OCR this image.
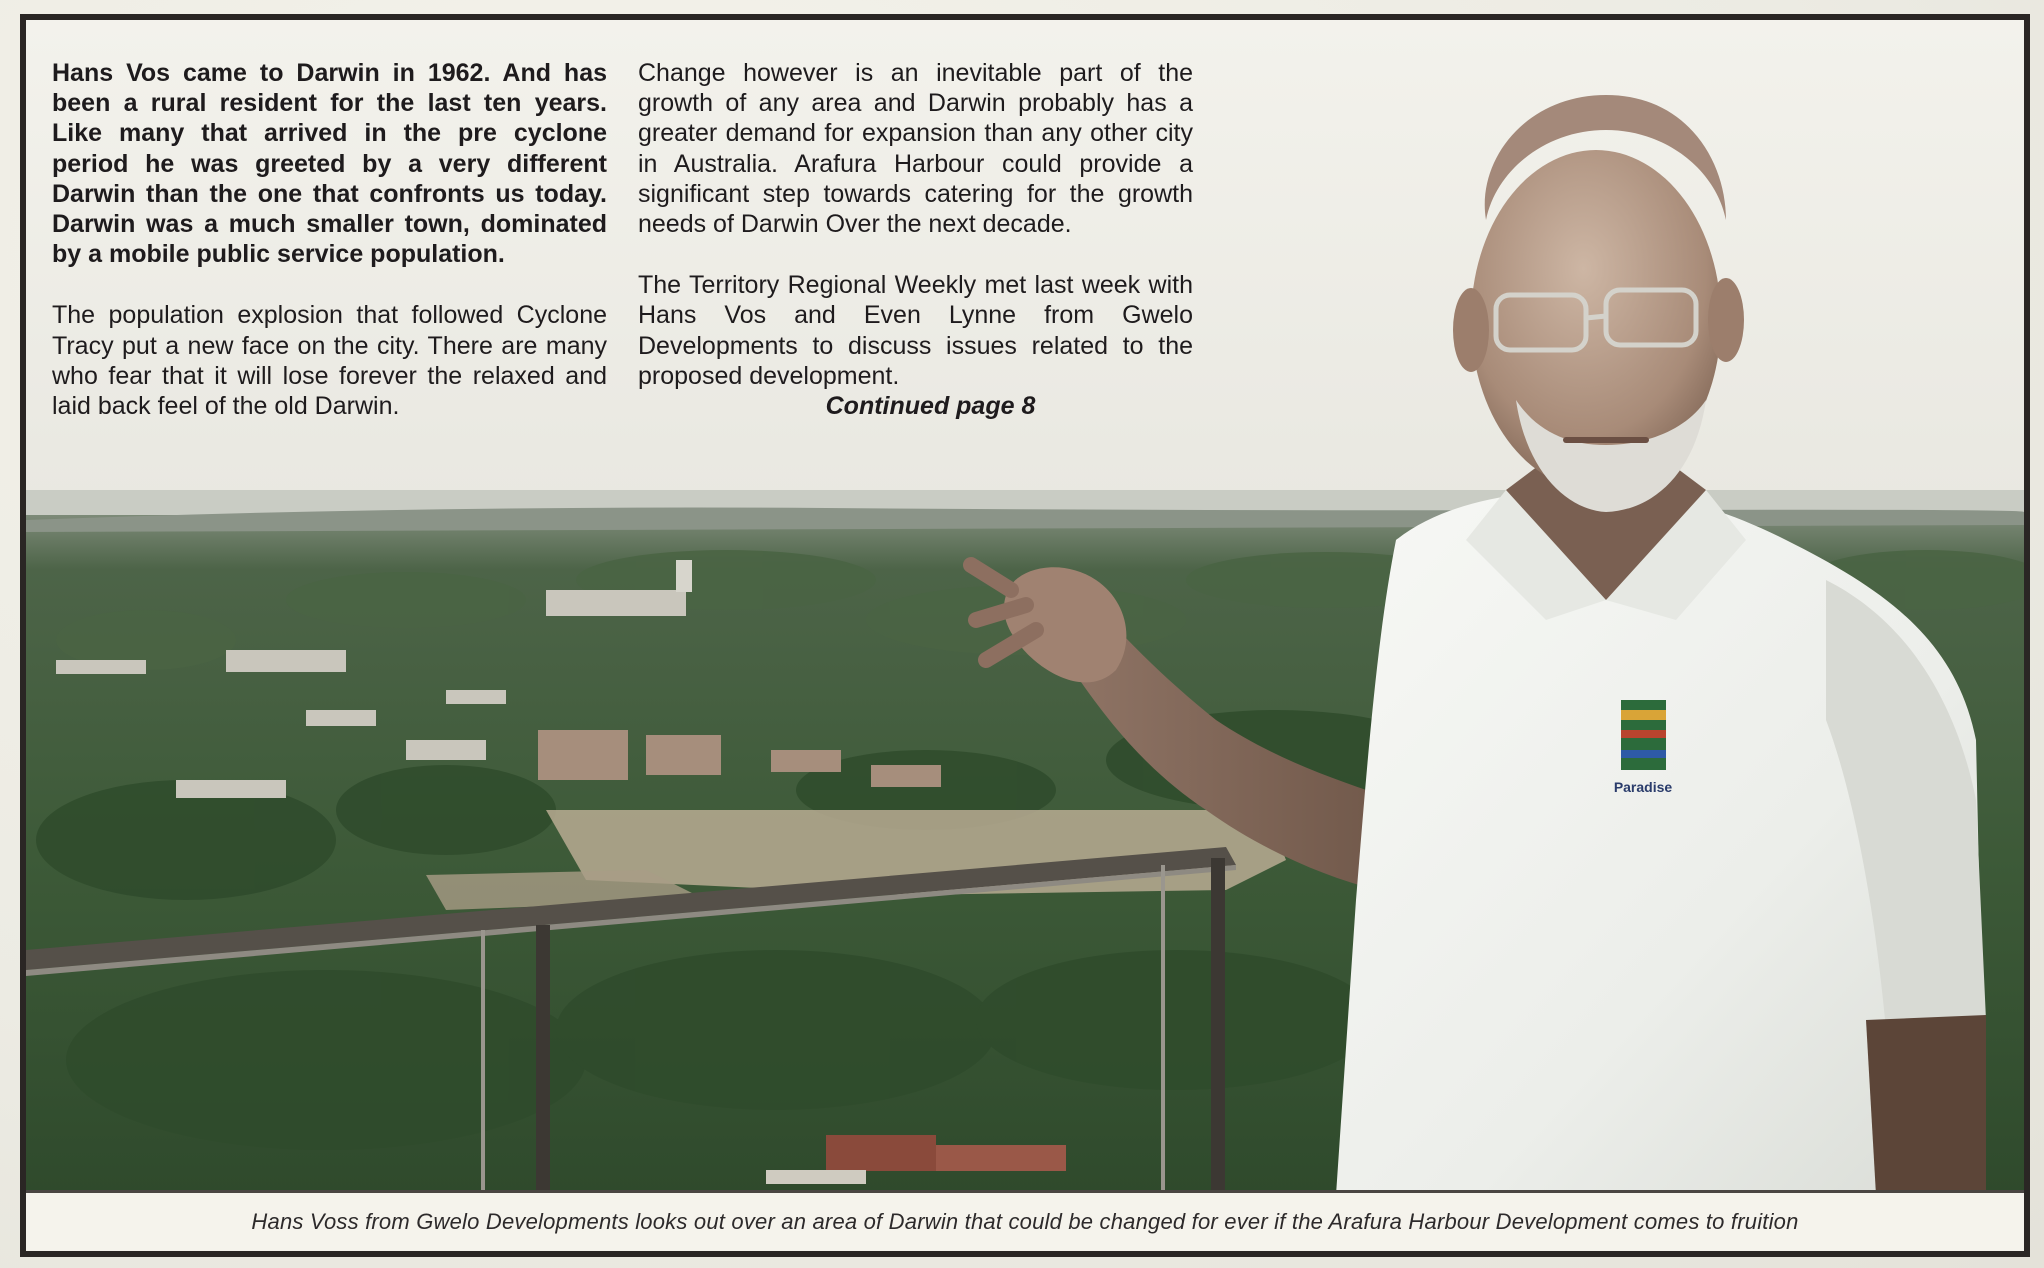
Paradise

Hans Vos came to Darwin in 1962. And has been a rural resident for the last ten years. Like many that arrived in the pre cyclone period he was greeted by a very different Darwin than the one that confronts us today. Darwin was a much smaller town, dominated by a mobile public service population.

The population explosion that followed Cyclone Tracy put a new face on the city. There are many who fear that it will lose forever the relaxed and laid back feel of the old Darwin.

Change however is an inevitable part of the growth of any area and Darwin probably has a greater demand for expansion than any other city in Australia. Arafura Harbour could provide a significant step towards catering for the growth needs of Darwin Over the next decade.

The Territory Regional Weekly met last week with Hans Vos and Even Lynne from Gwelo Developments to discuss issues related to the proposed development.

Continued page 8
Hans Voss from Gwelo Developments looks out over an area of Darwin that could be changed for ever if the Arafura Harbour Development comes to fruition
